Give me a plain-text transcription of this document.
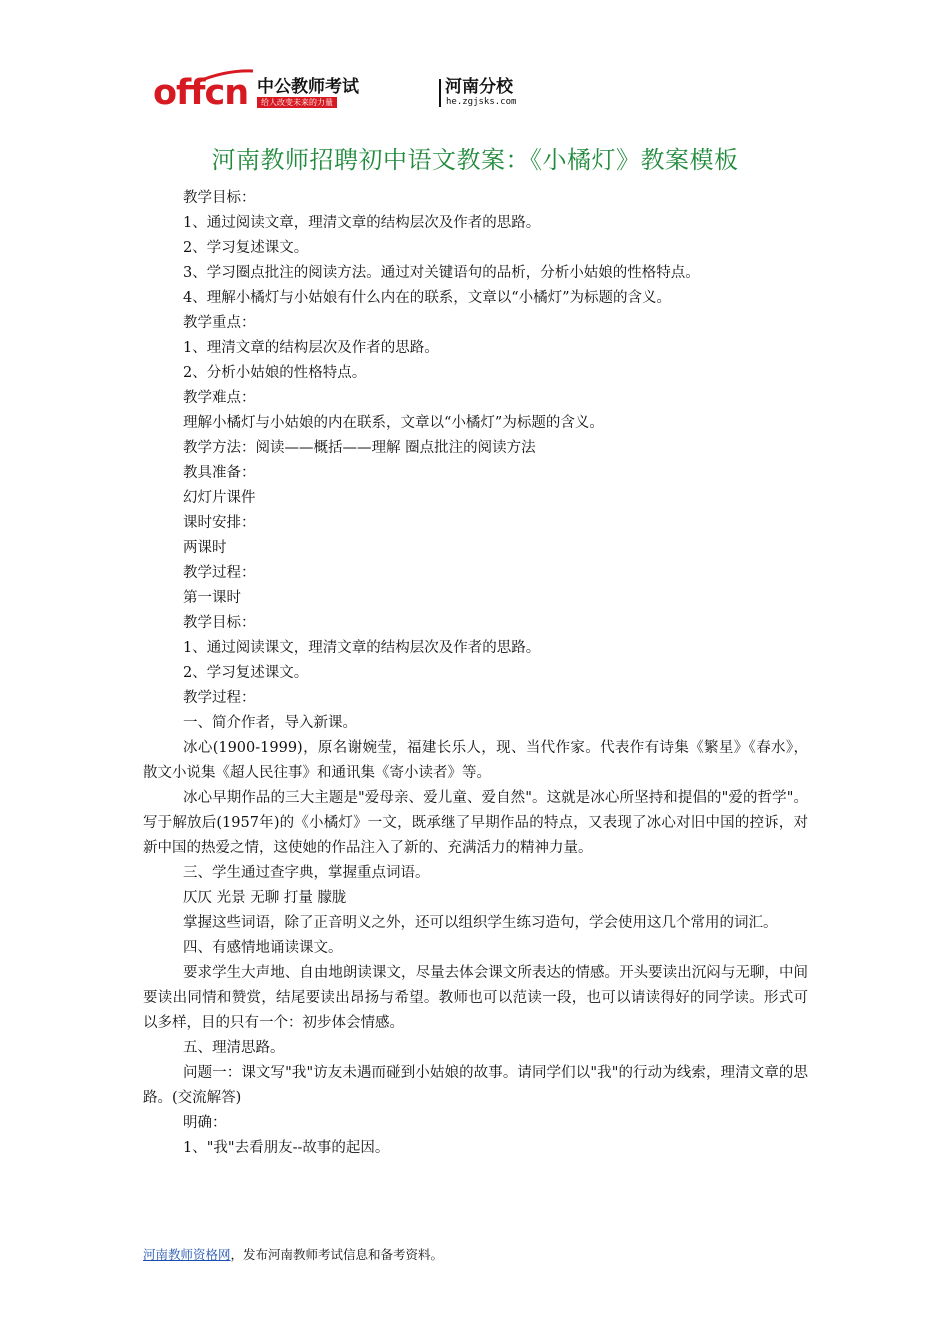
offcn 中公教师考试
给人改变未来的力量
河南分校
he.zgjsks.com
河南教师招聘初中语文教案：《小橘灯》教案模板

教学目标：

1、通过阅读文章，理清文章的结构层次及作者的思路。

2、学习复述课文。

3、学习圈点批注的阅读方法。通过对关键语句的品析，分析小姑娘的性格特点。

4、理解小橘灯与小姑娘有什么内在的联系，文章以“小橘灯”为标题的含义。

教学重点：

1、理清文章的结构层次及作者的思路。

2、分析小姑娘的性格特点。

教学难点：

理解小橘灯与小姑娘的内在联系，文章以“小橘灯”为标题的含义。

教学方法：阅读——概括——理解 圈点批注的阅读方法

教具准备：

幻灯片课件

课时安排：

两课时

教学过程：

第一课时

教学目标：

1、通过阅读课文，理清文章的结构层次及作者的思路。

2、学习复述课文。

教学过程：

一、简介作者，导入新课。

冰心(1900-1999)，原名谢婉莹，福建长乐人，现、当代作家。代表作有诗集《繁星》《春水》，散文小说集《超人民往事》和通讯集《寄小读者》等。

冰心早期作品的三大主题是"爱母亲、爱儿童、爱自然"。这就是冰心所坚持和提倡的"爱的哲学"。写于解放后(1957年)的《小橘灯》一文，既承继了早期作品的特点，又表现了冰心对旧中国的控诉，对新中国的热爱之情，这使她的作品注入了新的、充满活力的精神力量。

三、学生通过查字典，掌握重点词语。

仄仄 光景 无聊 打量 朦胧

掌握这些词语，除了正音明义之外，还可以组织学生练习造句，学会使用这几个常用的词汇。

四、有感情地诵读课文。

要求学生大声地、自由地朗读课文，尽量去体会课文所表达的情感。开头要读出沉闷与无聊，中间要读出同情和赞赏，结尾要读出昂扬与希望。教师也可以范读一段，也可以请读得好的同学读。形式可以多样，目的只有一个：初步体会情感。

五、理清思路。

问题一：课文写"我"访友未遇而碰到小姑娘的故事。请同学们以"我"的行动为线索，理清文章的思路。(交流解答)

明确：

1、"我"去看朋友--故事的起因。

河南教师资格网，发布河南教师考试信息和备考资料。
